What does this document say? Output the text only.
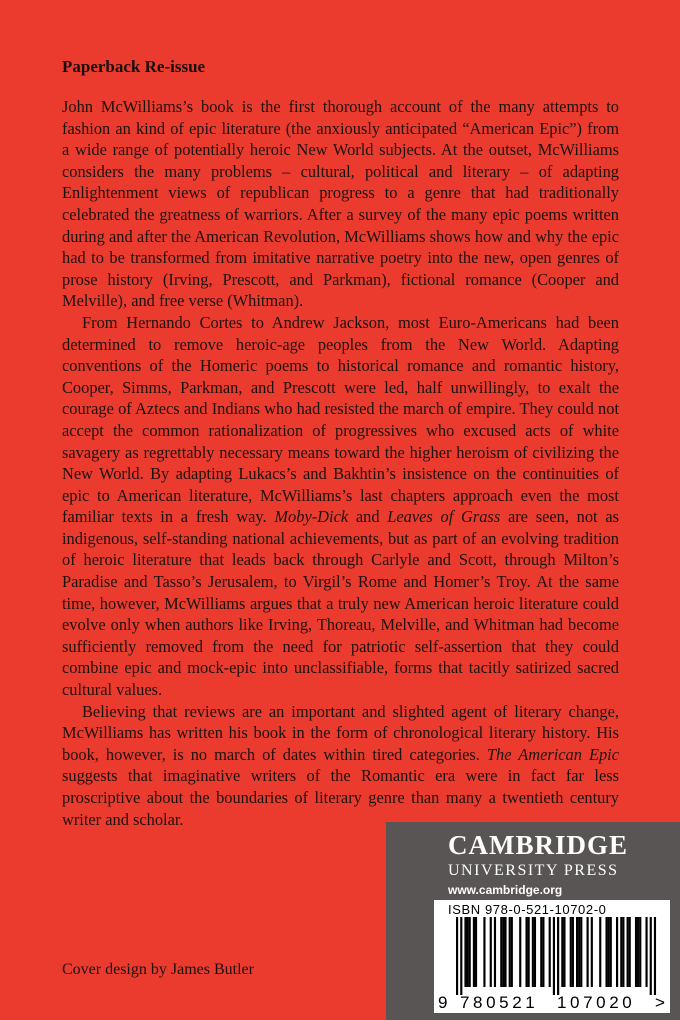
Paperback Re-issue

John McWilliams’s book is the first thorough account of the many attempts to fashion an kind of epic literature (the anxiously anticipated “American Epic”) from a wide range of potentially heroic New World subjects. At the outset, McWilliams considers the many problems – cultural, political and literary – of adapting Enlightenment views of republican progress to a genre that had traditionally celebrated the greatness of warriors. After a survey of the many epic poems written during and after the American Revolution, McWilliams shows how and why the epic had to be transformed from imitative narrative poetry into the new, open genres of prose history (Irving, Prescott, and Parkman), fictional romance (Cooper and Melville), and free verse (Whitman).

From Hernando Cortes to Andrew Jackson, most Euro-Americans had been determined to remove heroic-age peoples from the New World. Adapting conventions of the Homeric poems to historical romance and romantic history, Cooper, Simms, Parkman, and Prescott were led, half unwillingly, to exalt the courage of Aztecs and Indians who had resisted the march of empire. They could not accept the common rationalization of progressives who excused acts of white savagery as regrettably necessary means toward the higher heroism of civilizing the New World. By adapting Lukacs’s and Bakhtin’s insistence on the continuities of epic to American literature, McWilliams’s last chapters approach even the most familiar texts in a fresh way. Moby-Dick and Leaves of Grass are seen, not as indigenous, self-standing national achievements, but as part of an evolving tradition of heroic literature that leads back through Carlyle and Scott, through Milton’s Paradise and Tasso’s Jerusalem, to Virgil’s Rome and Homer’s Troy. At the same time, however, McWilliams argues that a truly new American heroic literature could evolve only when authors like Irving, Thoreau, Melville, and Whitman had become sufficiently removed from the need for patriotic self-assertion that they could combine epic and mock-epic into unclassifiable, forms that tacitly satirized sacred cultural values.

Believing that reviews are an important and slighted agent of literary change, McWilliams has written his book in the form of chronological literary history. His book, however, is no march of dates within tired categories. The American Epic suggests that imaginative writers of the Romantic era were in fact far less proscriptive about the boundaries of literary genre than many a twentieth century writer and scholar.

Cover design by James Butler
CAMBRIDGE
UNIVERSITY PRESS
www.cambridge.org
ISBN 978-0-521-10702-0
9 780521 107020 >
